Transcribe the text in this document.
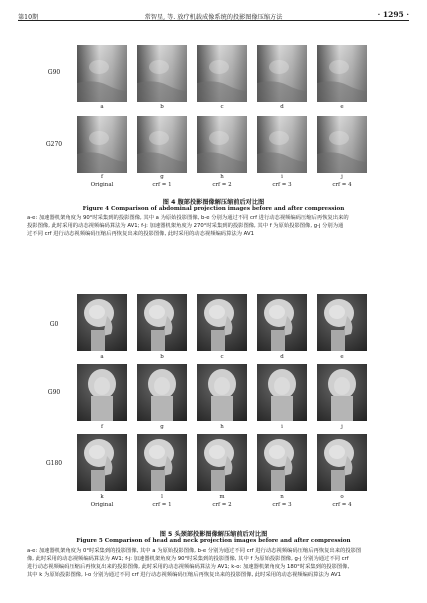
第10期	常智星, 等. 放疗机载成像系统的投影图像压缩方法	· 1295 ·
G90
a	b	c	d	e
G270
f	g	h	i	j
Original	crf = 1	crf = 2	crf = 3	crf = 4
图 4 腹部投影图像解压缩前后对比图
Figure 4 Comparison of abdominal projection images before and after compression
a-e: 加速器机架角度为 90°时采集到的投影图像, 其中 a 为原始投影图像, b-e 分别为通过不同 crf 进行动态视频编码压缩后再恢复出来的
投影图像, 此时采用的动态视频编码算法为 AV1; f-j: 加速器机架角度为 270°时采集到的投影图像, 其中 f 为原始投影图像, g-j 分别为通
过不同 crf 进行动态视频编码压缩后再恢复出来的投影图像, 此时采用的动态视频编码算法为 AV1
G0
a	b	c	d	e
G90
f	g	h	i	j
G180
k	l	m	n	o
Original	crf = 1	crf = 2	crf = 3	crf = 4
图 5 头颈部投影图像解压缩前后对比图
Figure 5 Comparison of head and neck projection images before and after compression
a-e: 加速器机架角度为 0°时采集到的投影图像, 其中 a 为原始投影图像, b-e 分别为通过不同 crf 进行动态视频编码压缩后再恢复出来的投影图
像, 此时采用的动态视频编码算法为 AV1; f-j: 加速器机架角度为 90°时采集到的投影图像, 其中 f 为原始投影图像, g-j 分别为通过不同 crf
进行动态视频编码压缩后再恢复出来的投影图像, 此时采用的动态视频编码算法为 AV1; k-o: 加速器机架角度为 180°时采集到的投影图像,
其中 k 为原始投影图像, l-o 分别为通过不同 crf 进行动态视频编码压缩后再恢复出来的投影图像, 此时采用的动态视频编码算法为 AV1
